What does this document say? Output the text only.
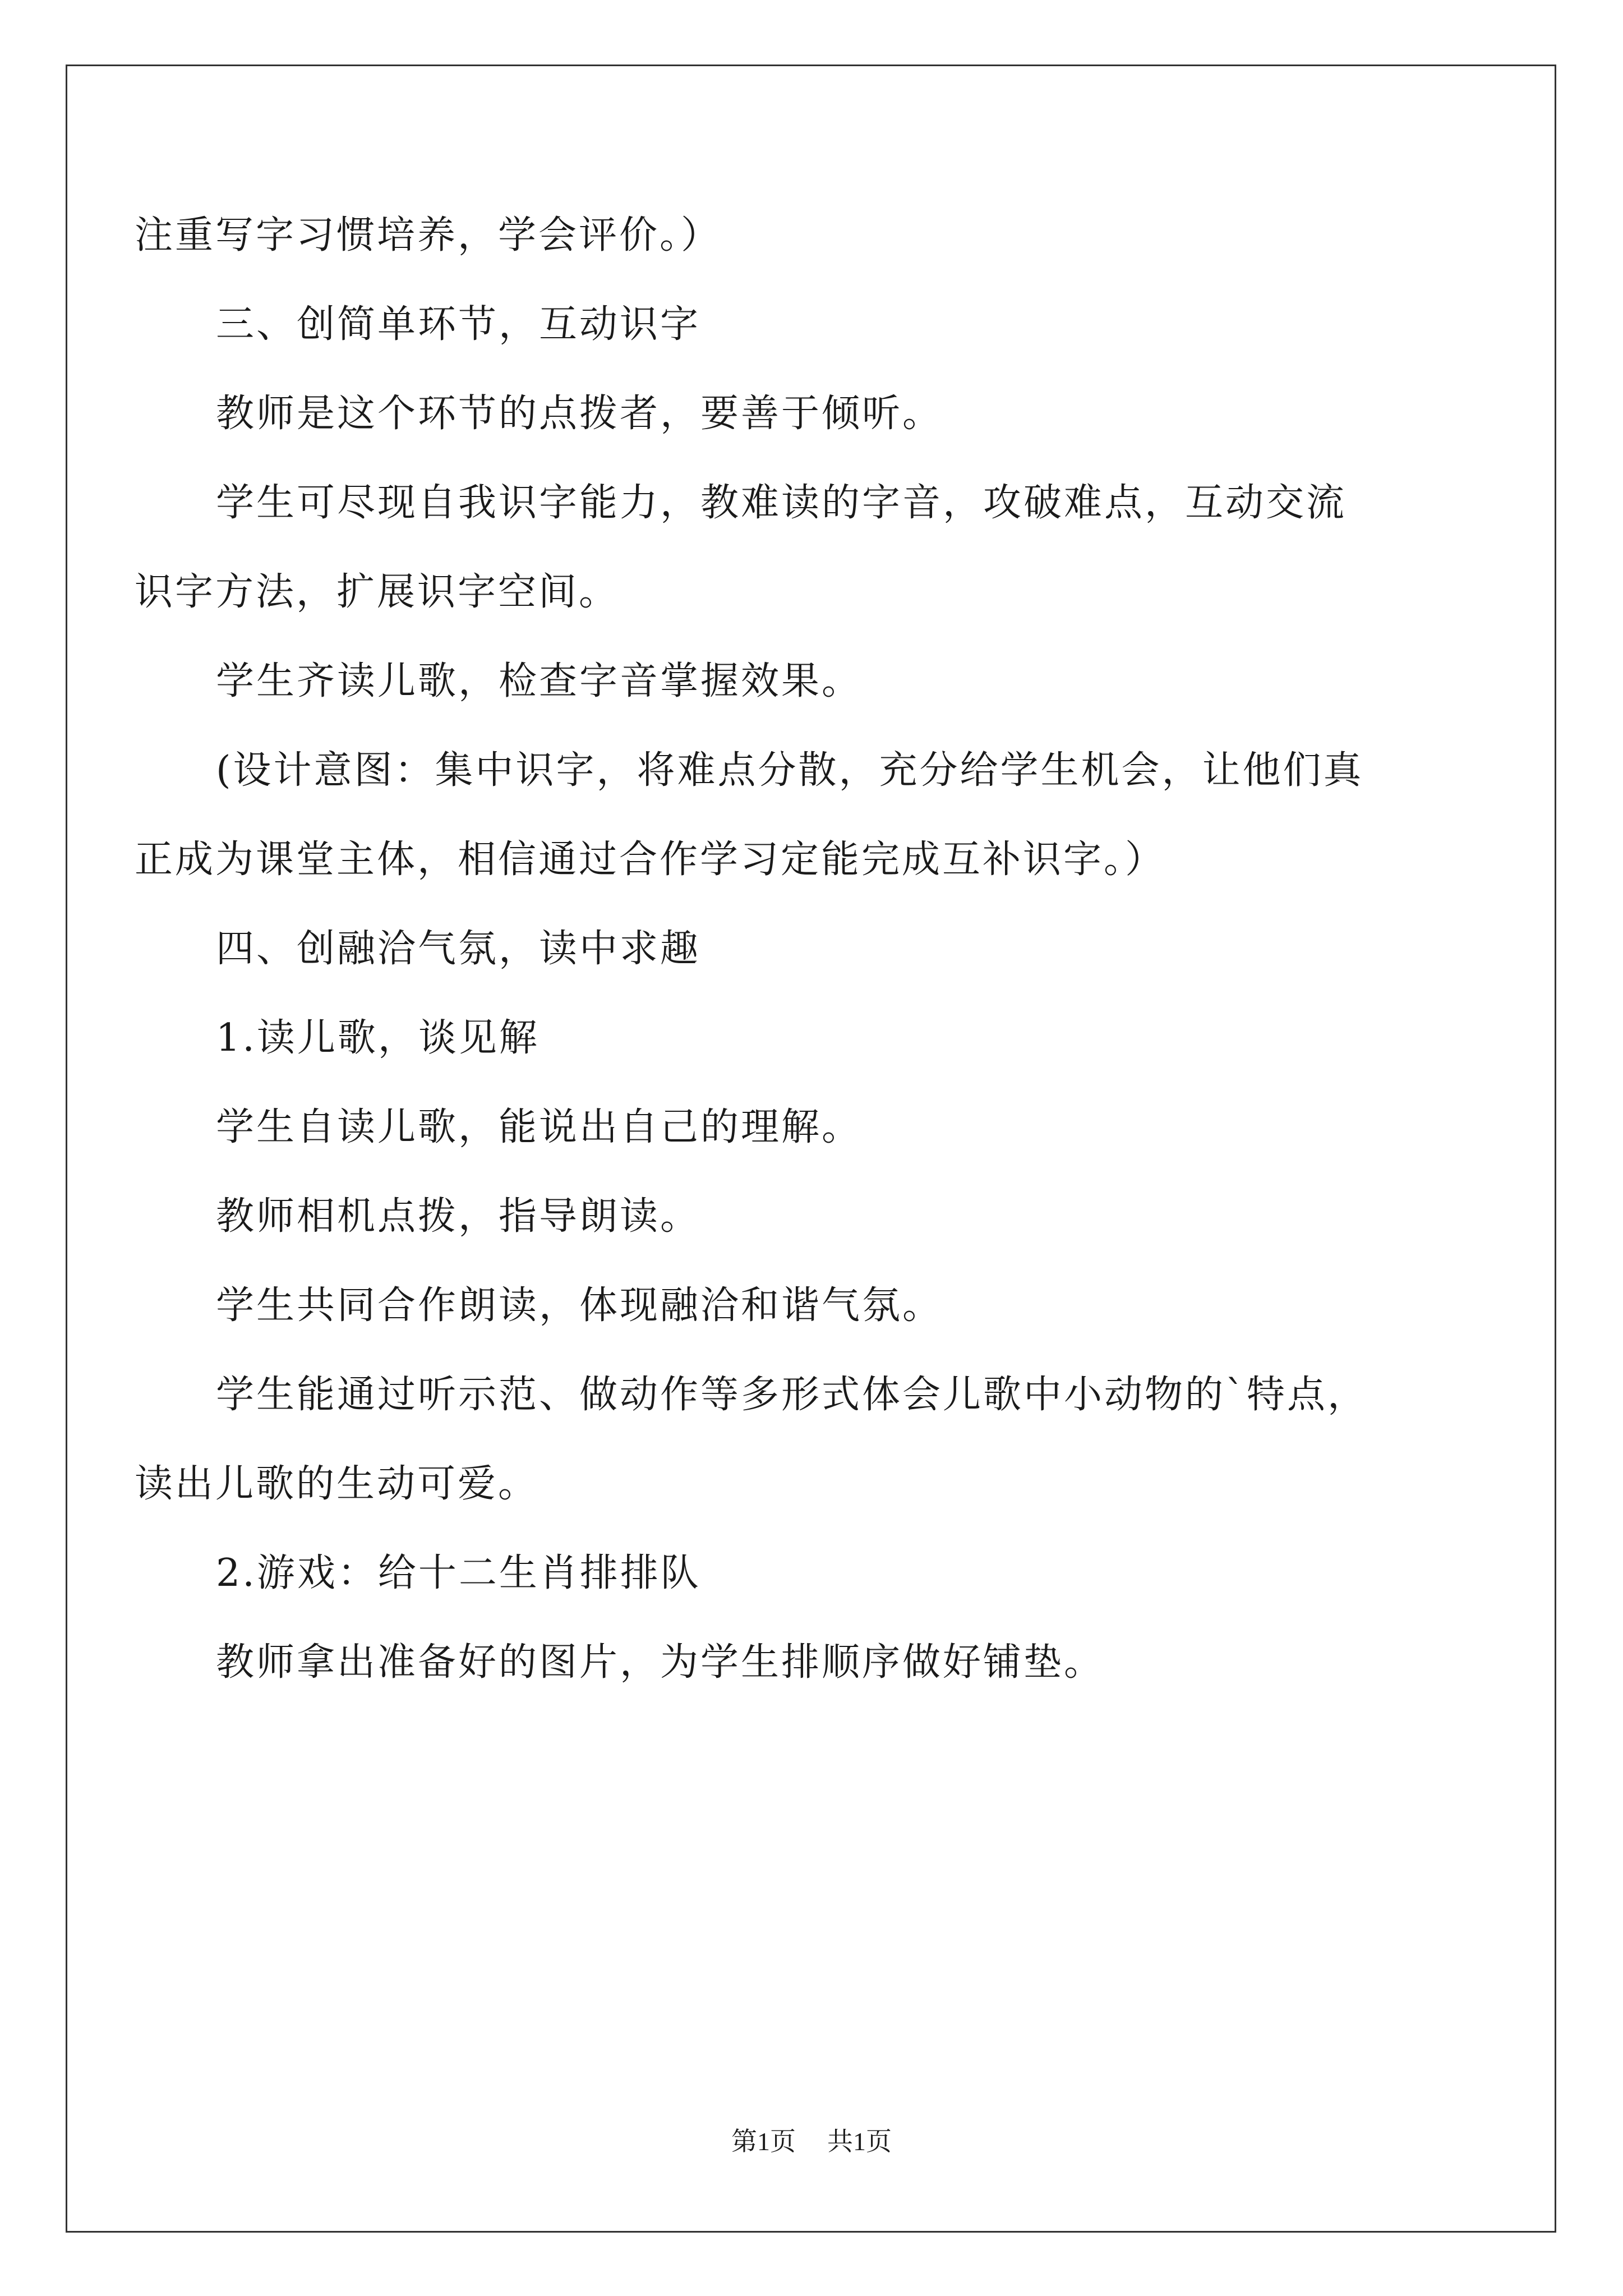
注重写字习惯培养，学会评价。）

三、创简单环节，互动识字

教师是这个环节的点拨者，要善于倾听。

学生可尽现自我识字能力，教难读的字音，攻破难点，互动交流

识字方法，扩展识字空间。

学生齐读儿歌，检查字音掌握效果。

(设计意图：集中识字，将难点分散，充分给学生机会，让他们真

正成为课堂主体，相信通过合作学习定能完成互补识字。）

四、创融洽气氛，读中求趣

1.读儿歌，谈见解

学生自读儿歌，能说出自己的理解。

教师相机点拨，指导朗读。

学生共同合作朗读，体现融洽和谐气氛。

学生能通过听示范、做动作等多形式体会儿歌中小动物的`特点，

读出儿歌的生动可爱。

2.游戏：给十二生肖排排队

教师拿出准备好的图片，为学生排顺序做好铺垫。

第1页 共1页
